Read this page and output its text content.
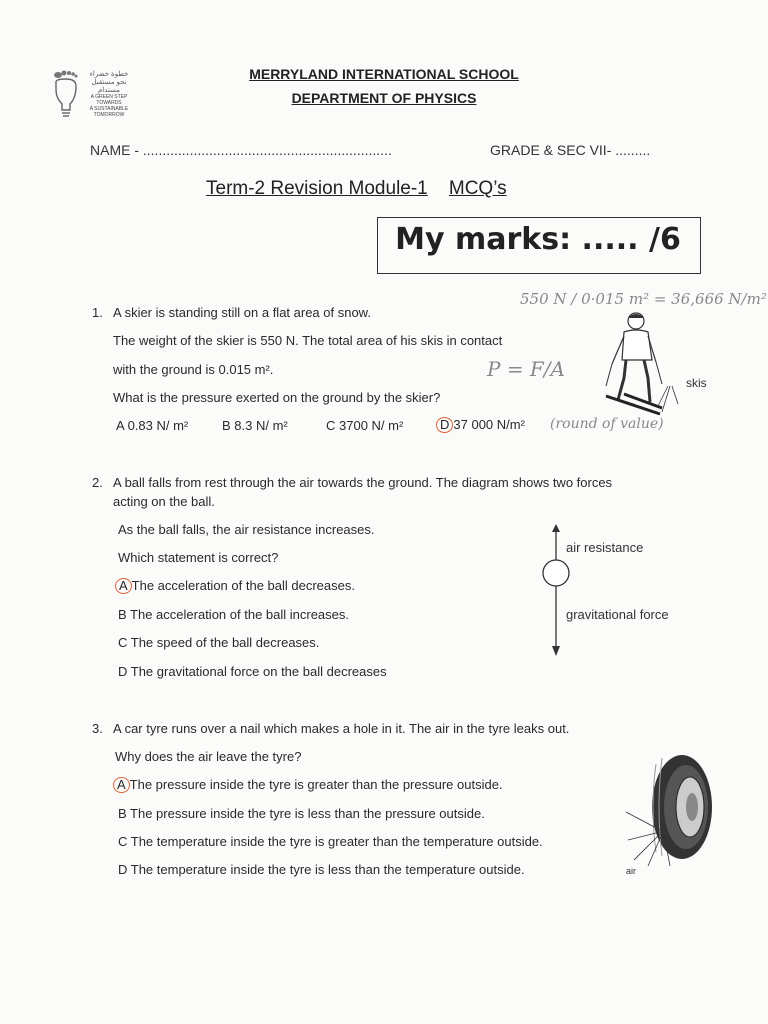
خطوة خضراء نحو مستقبل مستدام
A GREEN STEP
TOWARDS
A SUSTAINABLE
TOMORROW
MERRYLAND INTERNATIONAL SCHOOL
DEPARTMENT OF PHYSICS
NAME - ................................................................	GRADE & SEC VII- .........
Term-2 Revision Module-1 MCQ’s
My marks: ..... /6
1. A skier is standing still on a flat area of snow.
The weight of the skier is 550 N. The total area of his skis in contact
with the ground is 0.015 m².
What is the pressure exerted on the ground by the skier?
A 0.83 N/ m²	B 8.3 N/ m²	C 3700 N/ m²	D 37 000 N/m²
550 N / 0·015 m² = 36,666 N/m²
P = F/A
(round of value)
skis
2. A ball falls from rest through the air towards the ground. The diagram shows two forces
acting on the ball.
As the ball falls, the air resistance increases.
Which statement is correct?
A The acceleration of the ball decreases.
B The acceleration of the ball increases.
C The speed of the ball decreases.
D The gravitational force on the ball decreases
air resistance
gravitational force
3. A car tyre runs over a nail which makes a hole in it. The air in the tyre leaks out.
Why does the air leave the tyre?
A The pressure inside the tyre is greater than the pressure outside.
B The pressure inside the tyre is less than the pressure outside.
C The temperature inside the tyre is greater than the temperature outside.
D The temperature inside the tyre is less than the temperature outside.	air
